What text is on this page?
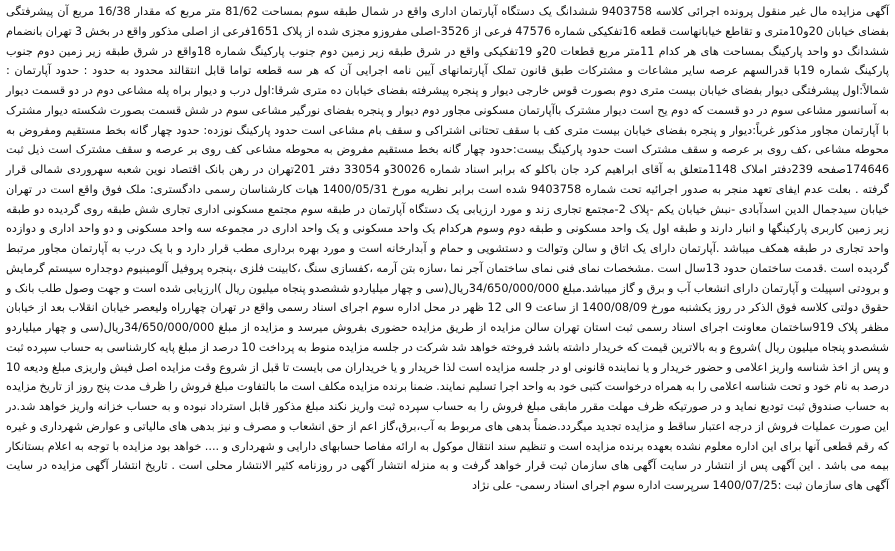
آگهی مزایده مال غیر منقول پرونده اجرائی کلاسه 9403758 ششدانگ یک دستگاه آپارتمان اداری واقع در شمال طبقه سوم بمساحت 81/62 متر مربع که مقدار 16/38 مربع آن پیشرفتگی بفضای خیابان 20و10متری و تقاطع خیابانهاست قطعه 16تفکیکی شماره 47576 فرعی از 3526-اصلی مفروزو مجزی شده از پلاک 1651فرعی از اصلی مذکور واقع در بخش 3 تهران بانضمام ششدانگ دو واحد پارکینگ بمساحت های هر کدام 11متر مربع قطعات 20و 19تفکیکی واقع در شرق طبقه زیر زمین دوم جنوب پارکینگ شماره 18واقع در شرق طبقه زیر زمین دوم جنوب پارکینگ شماره 19با قدرالسهم عرصه سایر مشاعات و مشترکات طبق قانون تملک آپارتمانهای آیین نامه اجرایی آن که هر سه قطعه تواما قابل انتقالند محدود به حدود : حدود آپارتمان : شمالاً:اول پیشرفتگی دیوار بفضای خیابان بیست متری دوم بصورت قوس خارجی دیوار و پنجره پیشرفته بفضای خیابان ده متری شرقا:اول درب و دیوار براه پله مشاعی دوم در دو قسمت دیوار به آسانسور مشاعی سوم در دو قسمت که دوم یح است دیوار مشترک باآپارتمان مسکونی مجاور دوم دیوار و پنجره بفضای نورگیر مشاعی سوم در شش قسمت بصورت شکسته دیوار مشترک با آپارتمان مجاور مذکور غرباً:دیوار و پنجره بفضای خیابان بیست متری کف با سقف تحتانی اشتراکی و سقف بام مشاعی است حدود پارکینگ نوزده: حدود چهار گانه بخط مستقیم ومفروض به محوطه مشاعی ،کف روی بر عرصه و سقف مشترک است حدود پارکینگ بیست:حدود چهار گانه بخط مستقیم مفروض به محوطه مشاعی کف روی بر عرصه و سقف مشترک است ذیل ثبت 174646صفحه 239دفتر املاک 1148متعلق به آقای ابراهیم کرد جان باکلو که برابر اسناد شماره 30026و 33054 دفتر 201تهران در رهن بانک اقتصاد نوین شعبه سهروردی شمالی قرار گرفته . بعلت عدم ایفای تعهد منجر به صدور اجرائیه تحت شماره 9403758 شده است برابر نظریه مورخ 1400/05/31 هیات کارشناسان رسمی دادگستری: ملک فوق واقع است در تهران خیابان سیدجمال الدین اسدآبادی -نبش خیابان یکم -پلاک 2-مجتمع تجاری زند و مورد ارزیابی یک دستگاه آپارتمان در طبقه سوم مجتمع مسکونی اداری تجاری شش طبقه روی گردیده دو طبقه زیر زمین کاربری پارکینگها و انبار دارند و طبقه اول یک واحد مسکونی و طبقه دوم وسوم هرکدام یک واحد مسکونی و یک واحد اداری در مجموعه سه واحد مسکونی و دو واحد اداری و دوازده واحد تجاری در طبقه همکف میباشد .آپارتمان دارای یک اتاق و سالن وتوالت و دستشویی و حمام و آبدارخانه است و مورد بهره برداری مطب قرار دارد و با یک درب به آپارتمان مجاور مرتبط گردیده است .قدمت ساختمان حدود 13سال است .مشخصات نمای فنی نمای ساختمان آجر نما ،سازه بتن آرمه ،کفسازی سنگ ،کابینت فلزی ،پنجره پروفیل آلومینیوم دوجداره سیستم گرمایش و برودتی اسپیلت و آپارتمان دارای انشعاب آب و برق و گاز میباشد.مبلغ 34/650/000/000ریال(سی و چهار میلیاردو ششصدو پنجاه میلیون ریال )ارزیابی شده است و جهت وصول طلب بانک و حقوق دولتی کلاسه فوق الذکر در روز یکشنبه مورخ 1400/08/09 از ساعت 9 الی 12 ظهر در محل اداره سوم اجرای اسناد رسمی واقع در تهران چهارراه ولیعصر خیابان انقلاب بعد از خیابان مظفر پلاک 919ساختمان معاونت اجرای اسناد رسمی ثبت استان تهران سالن مزایده از طریق مزایده حضوری بفروش میرسد و مزایده از مبلغ 34/650/000/000ریال(سی و چهار میلیاردو ششصدو پنجاه میلیون ریال )شروع و به بالاترین قیمت که خریدار داشته باشد فروخته خواهد شد شرکت در جلسه مزایده منوط به پرداخت 10 درصد از مبلغ پایه کارشناسی به حساب سپرده ثبت و پس از اخذ شناسه واریز اعلامی و حضور خریدار و یا نماینده قانونی او در جلسه مزایده است لذا خریدار و یا خریداران می بایست تا قبل از شروع وقت مزایده اصل فیش واریزی مبلغ ودیعه 10 درصد به نام خود و تحت شناسه اعلامی را به همراه درخواست کتبی خود به واحد اجرا تسلیم نمایند. ضمنا برنده مزایده مکلف است ما بالتفاوت مبلغ فروش را ظرف مدت پنج روز از تاریخ مزایده به حساب صندوق ثبت تودیع نماید و در صورتیکه ظرف مهلت مقرر مابقی مبلغ فروش را به حساب سپرده ثبت واریز نکند مبلغ مذکور قابل استرداد نبوده و به حساب خزانه واریز خواهد شد.در این صورت عملیات فروش از درجه اعتبار ساقط و مزایده تجدید میگردد.ضمناً بدهی های مربوط به آب،برق،گاز اعم از حق انشعاب و مصرف و نیز بدهی های مالیاتی و عوارض شهرداری و غیره که رقم قطعی آنها برای این اداره معلوم نشده بعهده برنده مزایده است و تنظیم سند انتقال موکول به ارائه مفاصا حسابهای دارایی و شهرداری و .... خواهد بود مزایده با توجه به اعلام بستانکار بیمه می باشد . این آگهی پس از انتشار در سایت آگهی های سازمان ثبت قرار خواهد گرفت و به منزله انتشار آگهی در روزنامه کثیر الانتشار محلی است . تاریخ انتشار آگهی مزایده در سایت آگهی های سازمان ثبت :1400/07/25 سرپرست اداره سوم اجرای اسناد رسمی- علی نژاد
